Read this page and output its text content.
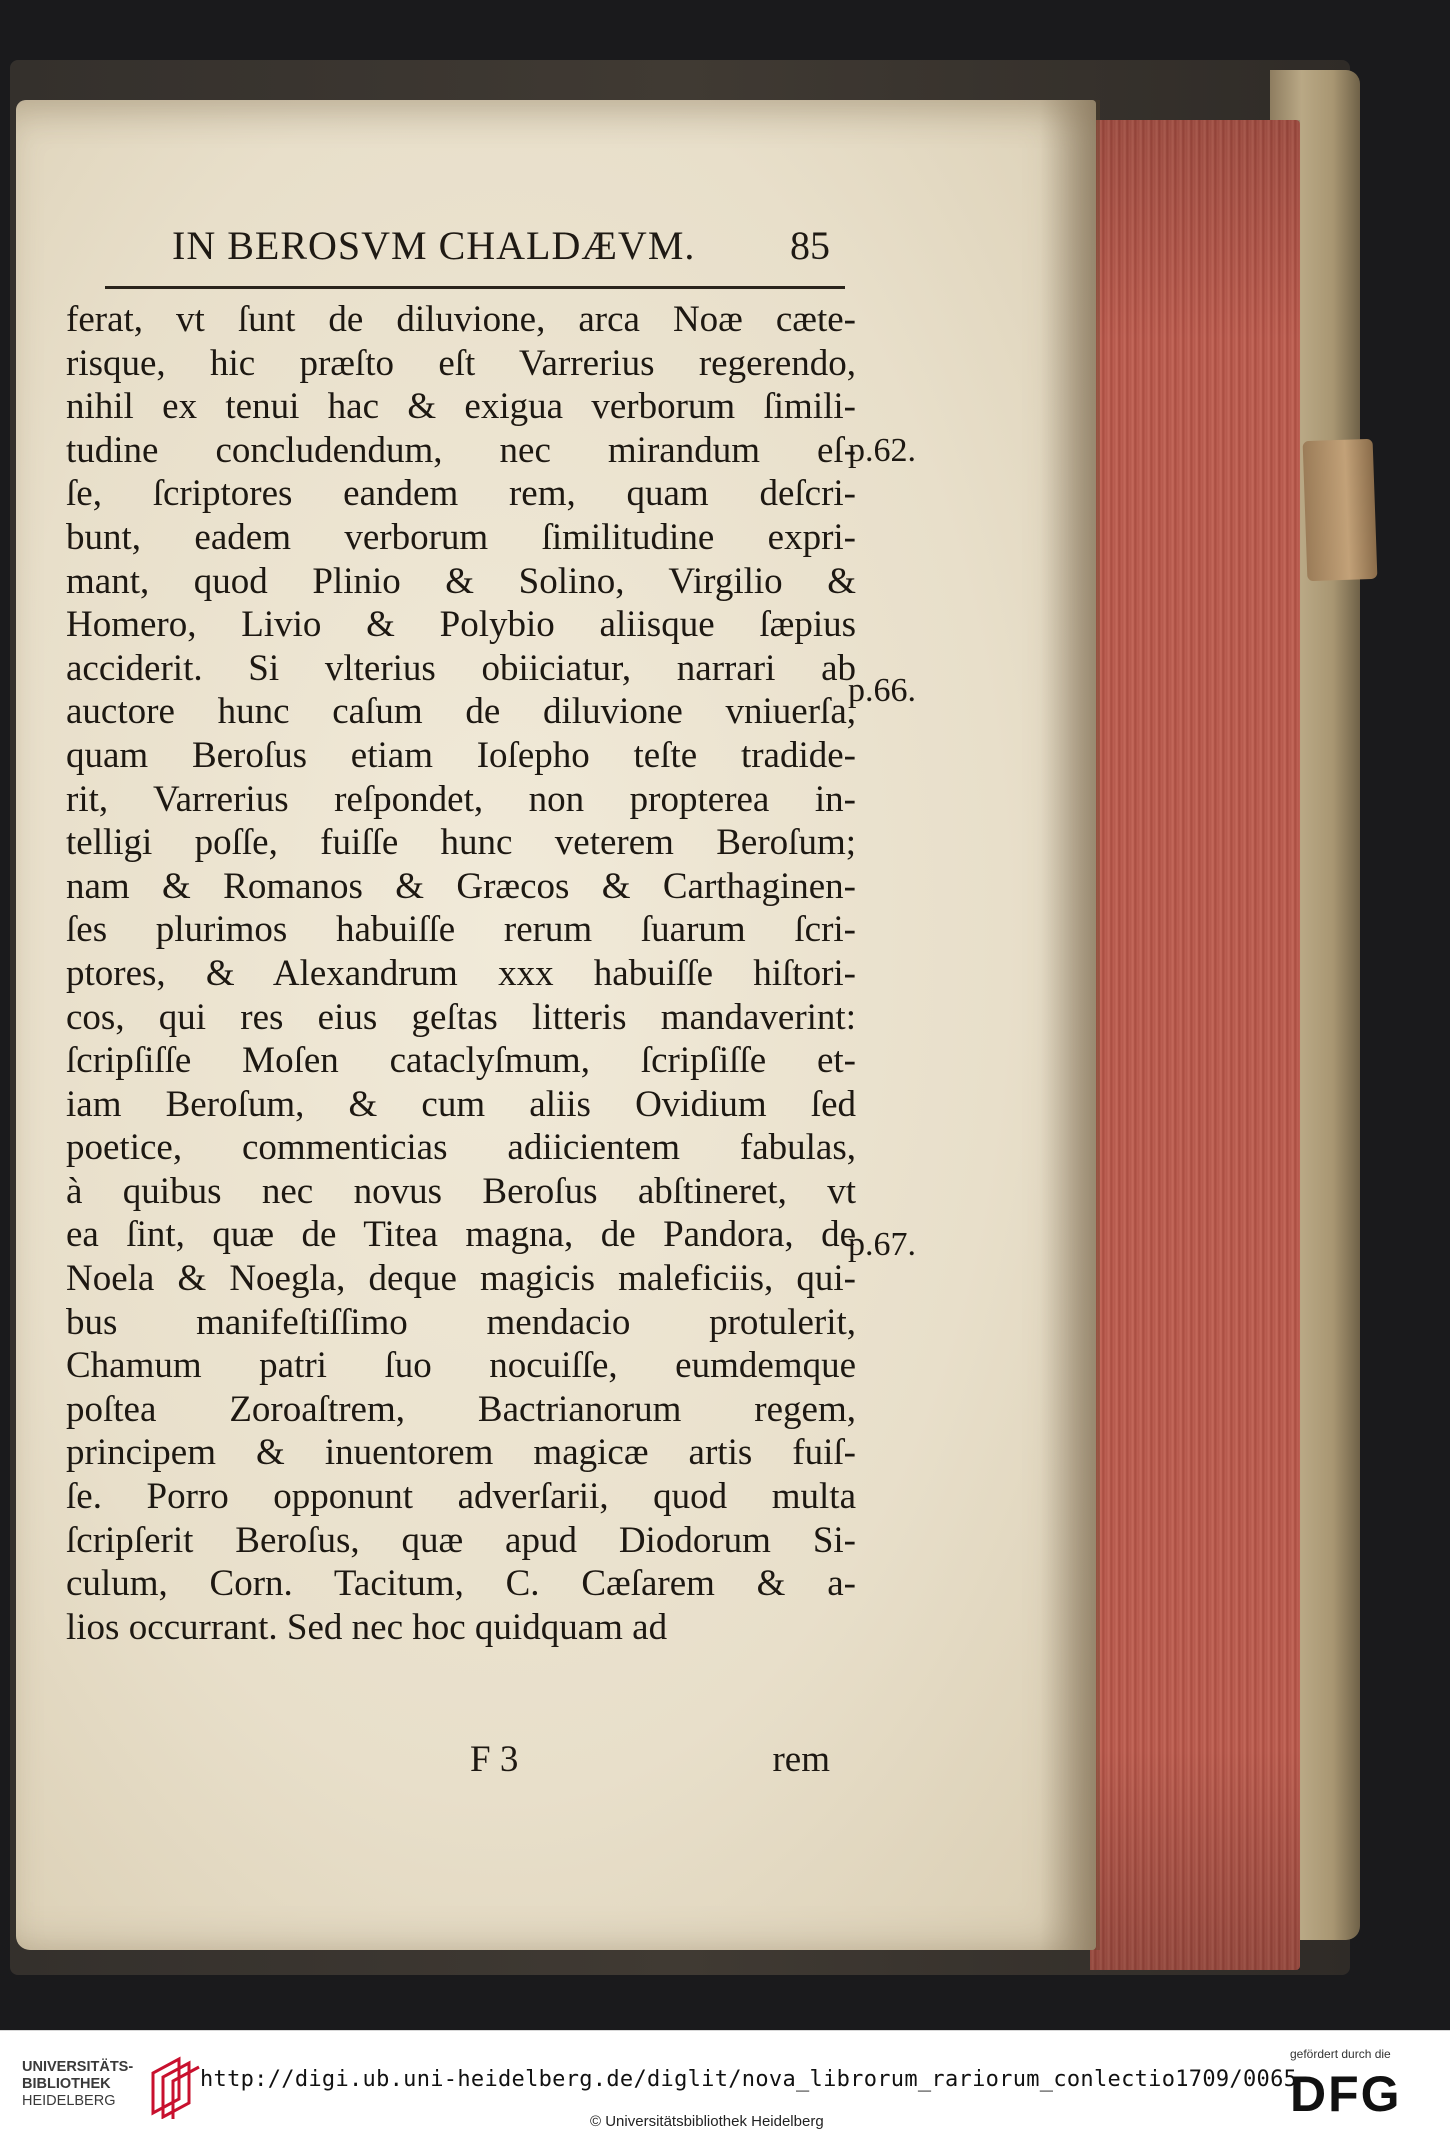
IN BEROSVM CHALDÆVM. 85
ferat, vt ſunt de diluvione, arca Noæ cæte-
risque, hic præſto eſt Varrerius regerendo,
nihil ex tenui hac & exigua verborum ſimili-
tudine concludendum, nec mirandum eſ-
ſe, ſcriptores eandem rem, quam deſcri-
bunt, eadem verborum ſimilitudine expri-
mant, quod Plinio & Solino, Virgilio &
Homero, Livio & Polybio aliisque ſæpius
acciderit. Si vlterius obiiciatur, narrari ab
auctore hunc caſum de diluvione vniuerſa,
quam Beroſus etiam Ioſepho teſte tradide-
rit, Varrerius reſpondet, non propterea in-
telligi poſſe, fuiſſe hunc veterem Beroſum;
nam & Romanos & Græcos & Carthaginen-
ſes plurimos habuiſſe rerum ſuarum ſcri-
ptores, & Alexandrum xxx habuiſſe hiſtori-
cos, qui res eius geſtas litteris mandaverint:
ſcripſiſſe Moſen cataclyſmum, ſcripſiſſe et-
iam Beroſum, & cum aliis Ovidium ſed
poetice, commenticias adiicientem fabulas,
à quibus nec novus Beroſus abſtineret, vt
ea ſint, quæ de Titea magna, de Pandora, de
Noela & Noegla, deque magicis maleficiis, qui-
bus manifeſtiſſimo mendacio protulerit,
Chamum patri ſuo nocuiſſe, eumdemque
poſtea Zoroaſtrem, Bactrianorum regem,
principem & inuentorem magicæ artis fuiſ-
ſe. Porro opponunt adverſarii, quod multa
ſcripſerit Beroſus, quæ apud Diodorum Si-
culum, Corn. Tacitum, C. Cæſarem & a-
lios occurrant. Sed nec hoc quidquam ad
p.62.
p.66.
p.67.
F 3	rem
UNIVERSITÄTS-
BIBLIOTHEK
HEIDELBERG
http://digi.ub.uni-heidelberg.de/diglit/nova_librorum_rariorum_conlectio1709/0065
© Universitätsbibliothek Heidelberg
gefördert durch die
DFG
